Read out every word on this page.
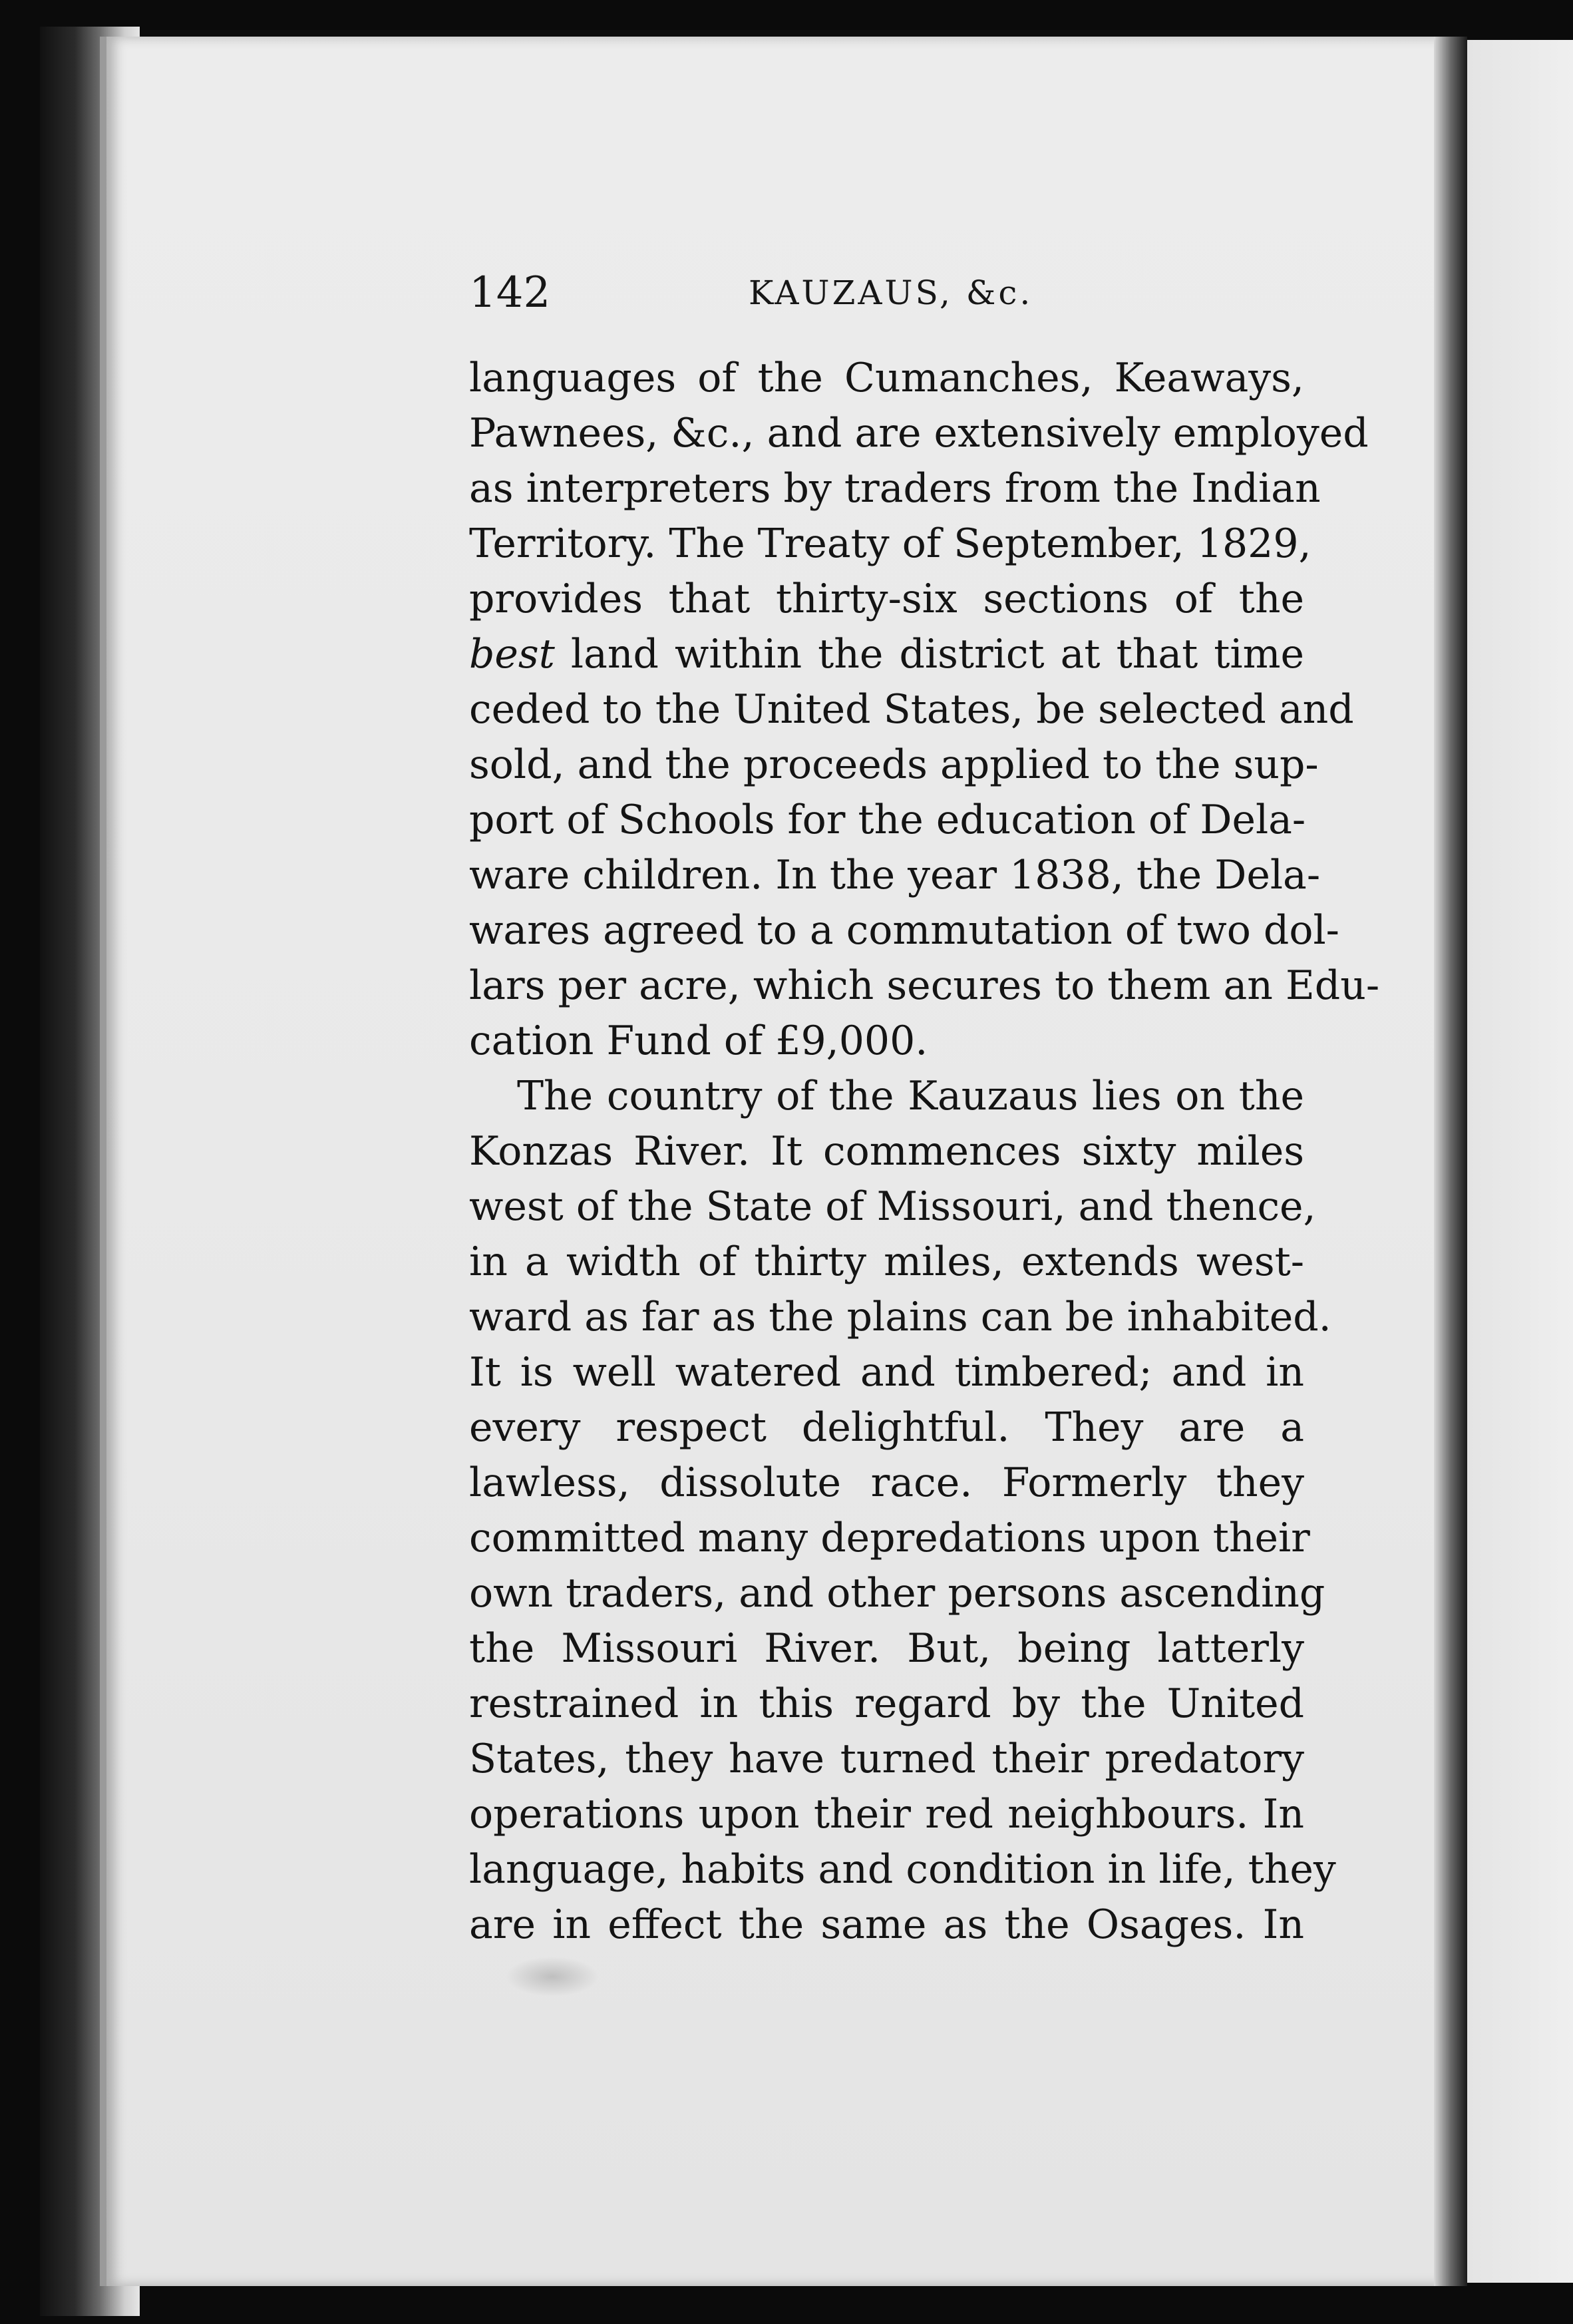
142	KAUZAUS, &c.
languages of the Cumanches, Keaways,
Pawnees, &c., and are extensively employed
as interpreters by traders from the Indian
Territory. The Treaty of September, 1829,
provides that thirty-six sections of the
best land within the district at that time
ceded to the United States, be selected and
sold, and the proceeds applied to the sup-
port of Schools for the education of Dela-
ware children. In the year 1838, the Dela-
wares agreed to a commutation of two dol-
lars per acre, which secures to them an Edu-
cation Fund of £9,000.
The country of the Kauzaus lies on the
Konzas River. It commences sixty miles
west of the State of Missouri, and thence,
in a width of thirty miles, extends west-
ward as far as the plains can be inhabited.
It is well watered and timbered; and in
every respect delightful. They are a
lawless, dissolute race. Formerly they
committed many depredations upon their
own traders, and other persons ascending
the Missouri River. But, being latterly
restrained in this regard by the United
States, they have turned their predatory
operations upon their red neighbours. In
language, habits and condition in life, they
are in effect the same as the Osages. In
